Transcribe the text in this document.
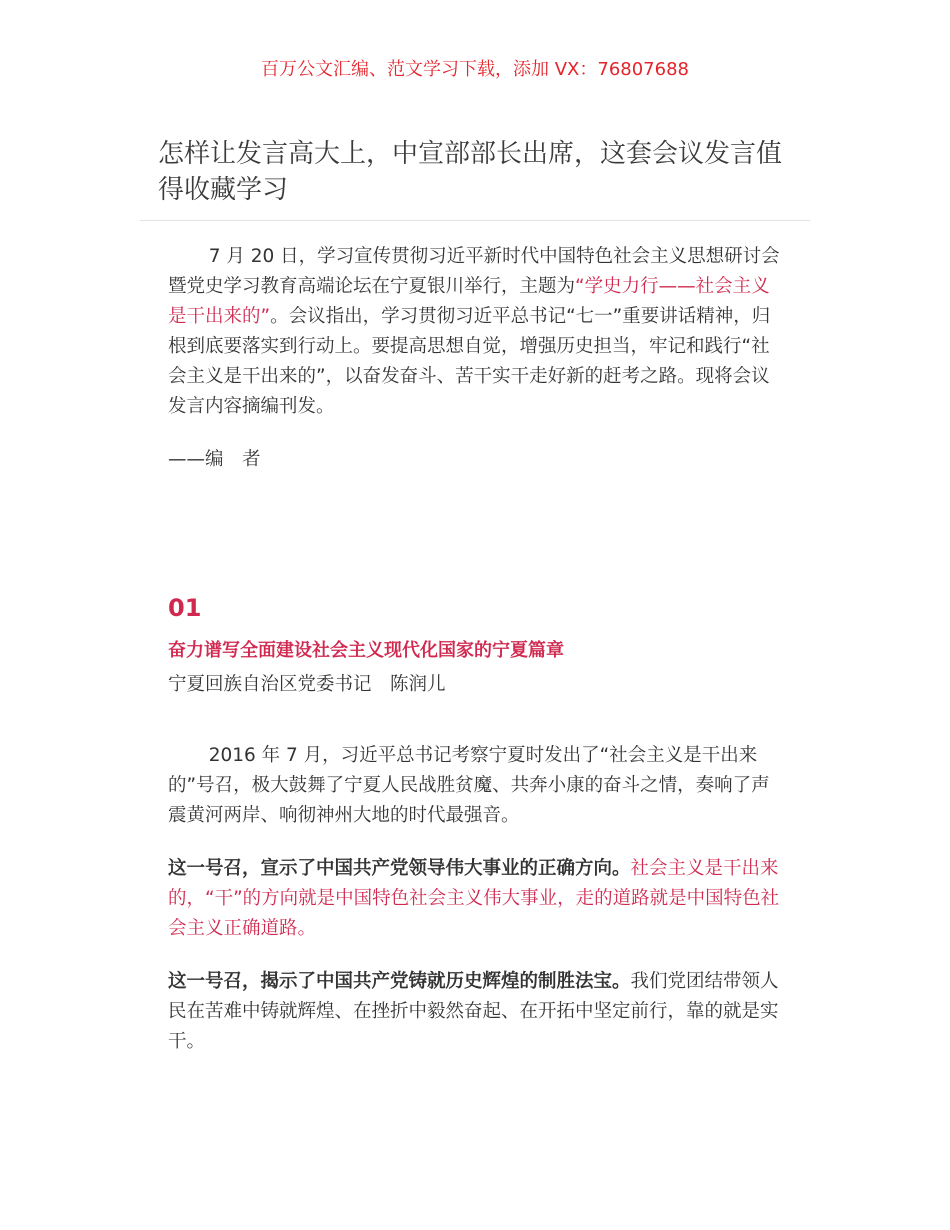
百万公文汇编、范文学习下载，添加 VX：76807688
怎样让发言高大上，中宣部部长出席，这套会议发言值得收藏学习

7 月 20 日，学习宣传贯彻习近平新时代中国特色社会主义思想研讨会暨党史学习教育高端论坛在宁夏银川举行，主题为“学史力行——社会主义是干出来的”。会议指出，学习贯彻习近平总书记“七一”重要讲话精神，归根到底要落实到行动上。要提高思想自觉，增强历史担当，牢记和践行“社会主义是干出来的”，以奋发奋斗、苦干实干走好新的赶考之路。现将会议发言内容摘编刊发。

——编　者

01
奋力谱写全面建设社会主义现代化国家的宁夏篇章

宁夏回族自治区党委书记　陈润儿

2016 年 7 月，习近平总书记考察宁夏时发出了“社会主义是干出来的”号召，极大鼓舞了宁夏人民战胜贫魔、共奔小康的奋斗之情，奏响了声震黄河两岸、响彻神州大地的时代最强音。

这一号召，宣示了中国共产党领导伟大事业的正确方向。社会主义是干出来的，“干”的方向就是中国特色社会主义伟大事业，走的道路就是中国特色社会主义正确道路。

这一号召，揭示了中国共产党铸就历史辉煌的制胜法宝。我们党团结带领人民在苦难中铸就辉煌、在挫折中毅然奋起、在开拓中坚定前行，靠的就是实干。
